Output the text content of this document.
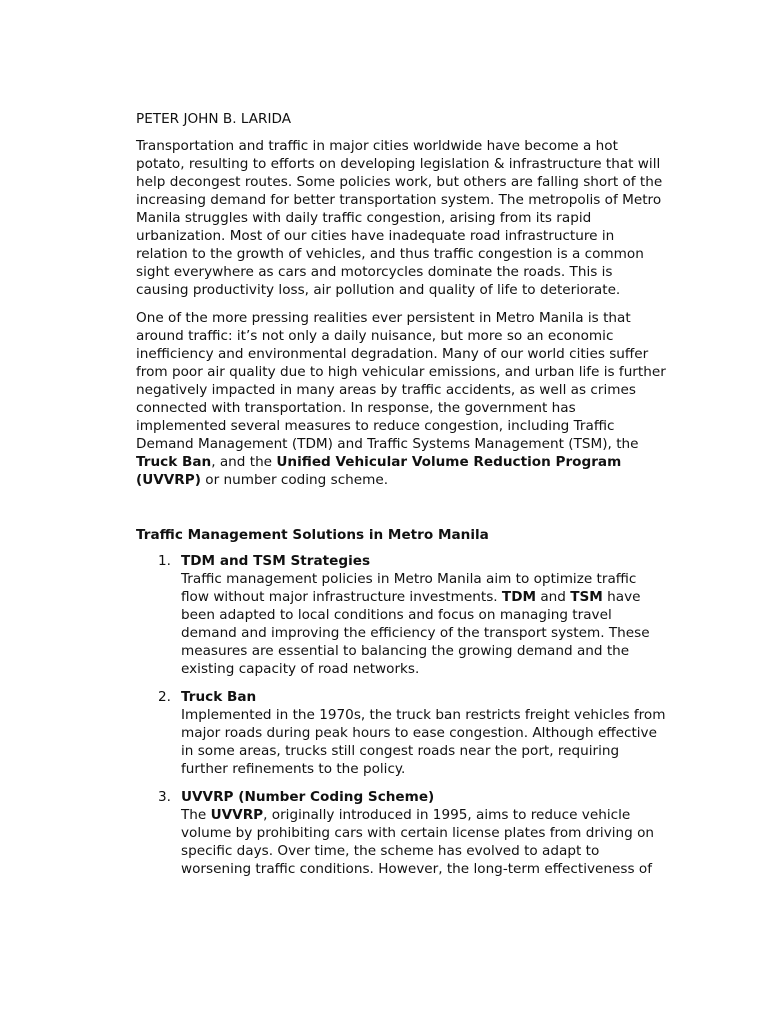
PETER JOHN B. LARIDA

Transportation and traffic in major cities worldwide have become a hot potato, resulting to efforts on developing legislation & infrastructure that will help decongest routes. Some policies work, but others are falling short of the increasing demand for better transportation system. The metropolis of Metro Manila struggles with daily traffic congestion, arising from its rapid urbanization. Most of our cities have inadequate road infrastructure in relation to the growth of vehicles, and thus traffic congestion is a common sight everywhere as cars and motorcycles dominate the roads. This is causing productivity loss, air pollution and quality of life to deteriorate.

One of the more pressing realities ever persistent in Metro Manila is that around traffic: it’s not only a daily nuisance, but more so an economic inefficiency and environmental degradation. Many of our world cities suffer from poor air quality due to high vehicular emissions, and urban life is further negatively impacted in many areas by traffic accidents, as well as crimes connected with transportation. In response, the government has implemented several measures to reduce congestion, including Traffic Demand Management (TDM) and Traffic Systems Management (TSM), the Truck Ban, and the Unified Vehicular Volume Reduction Program (UVVRP) or number coding scheme.

Traffic Management Solutions in Metro Manila
1. TDM and TSM Strategies
Traffic management policies in Metro Manila aim to optimize traffic flow without major infrastructure investments. TDM and TSM have been adapted to local conditions and focus on managing travel demand and improving the efficiency of the transport system. These measures are essential to balancing the growing demand and the existing capacity of road networks.
2. Truck Ban
Implemented in the 1970s, the truck ban restricts freight vehicles from major roads during peak hours to ease congestion. Although effective in some areas, trucks still congest roads near the port, requiring further refinements to the policy.
3. UVVRP (Number Coding Scheme)
The UVVRP, originally introduced in 1995, aims to reduce vehicle volume by prohibiting cars with certain license plates from driving on specific days. Over time, the scheme has evolved to adapt to worsening traffic conditions. However, the long-term effectiveness of
